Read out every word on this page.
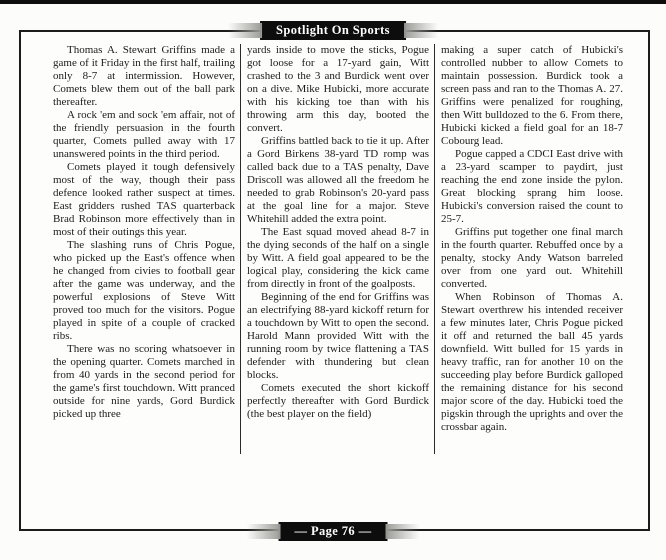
Spotlight On Sports
Thomas A. Stewart Griffins made a game of it Friday in the first half, trailing only 8-7 at intermission. However, Comets blew them out of the ball park thereafter.
A rock 'em and sock 'em affair, not of the friendly persuasion in the fourth quarter, Comets pulled away with 17 unanswered points in the third period.
Comets played it tough defensively most of the way, though their pass defence looked rather suspect at times. East gridders rushed TAS quarterback Brad Robinson more effectively than in most of their outings this year.
The slashing runs of Chris Pogue, who picked up the East's offence when he changed from civies to football gear after the game was underway, and the powerful explosions of Steve Witt proved too much for the visitors. Pogue played in spite of a couple of cracked ribs.
There was no scoring whatsoever in the opening quarter. Comets marched in from 40 yards in the second period for the game's first touchdown. Witt pranced outside for nine yards, Gord Burdick picked up three
yards inside to move the sticks, Pogue got loose for a 17-yard gain, Witt crashed to the 3 and Burdick went over on a dive. Mike Hubicki, more accurate with his kicking toe than with his throwing arm this day, booted the convert.
Griffins battled back to tie it up. After a Gord Birkens 38-yard TD romp was called back due to a TAS penalty, Dave Driscoll was allowed all the freedom he needed to grab Robinson's 20-yard pass at the goal line for a major. Steve Whitehill added the extra point.
The East squad moved ahead 8-7 in the dying seconds of the half on a single by Witt. A field goal appeared to be the logical play, considering the kick came from directly in front of the goalposts.
Beginning of the end for Griffins was an electrifying 88-yard kickoff return for a touchdown by Witt to open the second. Harold Mann provided Witt with the running room by twice flattening a TAS defender with thundering but clean blocks.
Comets executed the short kickoff perfectly thereafter with Gord Burdick (the best player on the field)
making a super catch of Hubicki's controlled nubber to allow Comets to maintain possession. Burdick took a screen pass and ran to the Thomas A. 27. Griffins were penalized for roughing, then Witt bulldozed to the 6. From there, Hubicki kicked a field goal for an 18-7 Cobourg lead.
Pogue capped a CDCI East drive with a 23-yard scamper to paydirt, just reaching the end zone inside the pylon. Great blocking sprang him loose. Hubicki's conversion raised the count to 25-7.
Griffins put together one final march in the fourth quarter. Rebuffed once by a penalty, stocky Andy Watson barreled over from one yard out. Whitehill converted.
When Robinson of Thomas A. Stewart overthrew his intended receiver a few minutes later, Chris Pogue picked it off and returned the ball 45 yards downfield. Witt bulled for 15 yards in heavy traffic, ran for another 10 on the succeeding play before Burdick galloped the remaining distance for his second major score of the day. Hubicki toed the pigskin through the uprights and over the crossbar again.
— Page 76 —
